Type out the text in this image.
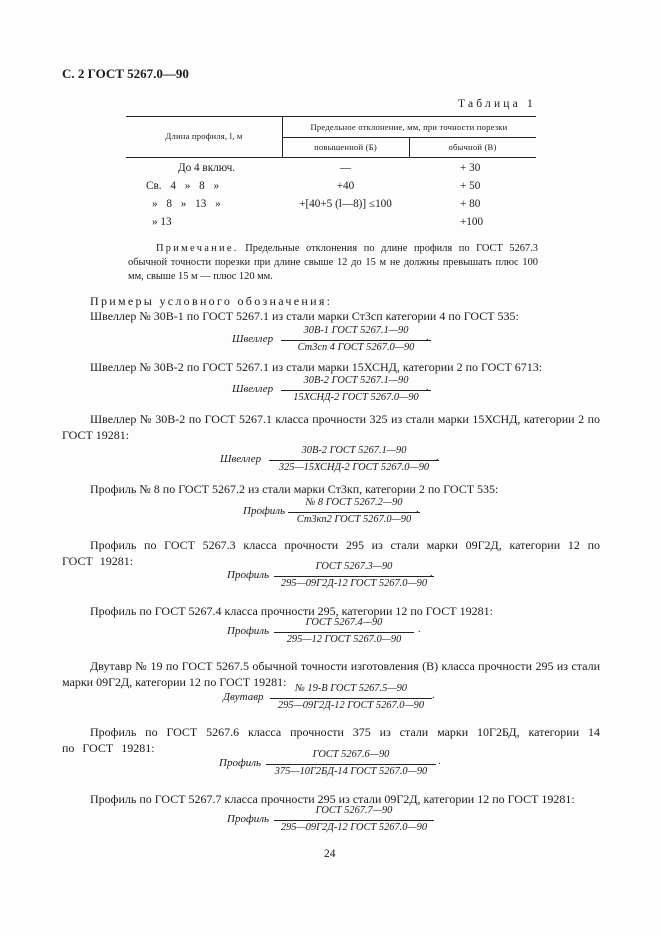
С. 2 ГОСТ 5267.0—90
Таблица 1
Длина профиля, l, м
Предельное отклонение, мм, при точности порезки
повышенной (Б)	обычной (В)
До 4 включ.	—	+ 30
Св. 4 » 8 »	+40	+ 50
» 8 » 13 »	+[40+5 (l—8)] ≤100	+ 80
» 13	+100
Примечание. Предельные отклонения по длине профиля по ГОСТ 5267.3 обычной точности порезки при длине свыше 12 до 15 м не должны превышать плюс 100 мм, свыше 15 м — плюс 120 мм.
Примеры условного обозначения:
Швеллер № 30В-1 по ГОСТ 5267.1 из стали марки Ст3сп категории 4 по ГОСТ 535:
Швеллер
30В-1 ГОСТ 5267.1—90
Ст3сп 4 ГОСТ 5267.0—90
.
Швеллер № 30В-2 по ГОСТ 5267.1 из стали марки 15ХСНД, категории 2 по ГОСТ 6713:
Швеллер
30В-2 ГОСТ 5267.1—90
15ХСНД-2 ГОСТ 5267.0—90
.
Швеллер № 30В-2 по ГОСТ 5267.1 класса прочности 325 из стали марки 15ХСНД, категории 2 по ГОСТ 19281:
Швеллер
30В-2 ГОСТ 5267.1—90
325—15ХСНД-2 ГОСТ 5267.0—90
.
Профиль № 8 по ГОСТ 5267.2 из стали марки Ст3кп, категории 2 по ГОСТ 535:
Профиль
№ 8 ГОСТ 5267.2—90
Ст3кп2 ГОСТ 5267.0—90
.
Профиль по ГОСТ 5267.3 класса прочности 295 из стали марки 09Г2Д, категории 12 по ГОСТ 19281:
Профиль
ГОСТ 5267.3—90
295—09Г2Д-12 ГОСТ 5267.0—90
.
Профиль по ГОСТ 5267.4 класса прочности 295, категории 12 по ГОСТ 19281:
Профиль
ГОСТ 5267.4—90
295—12 ГОСТ 5267.0—90
.
Двутавр № 19 по ГОСТ 5267.5 обычной точности изготовления (В) класса прочности 295 из стали марки 09Г2Д, категории 12 по ГОСТ 19281:
Двутавр
№ 19-В ГОСТ 5267.5—90
295—09Г2Д-12 ГОСТ 5267.0—90
.
Профиль по ГОСТ 5267.6 класса прочности 375 из стали марки 10Г2БД, категории 14 по ГОСТ 19281:
Профиль
ГОСТ 5267.6—90
375—10Г2БД-14 ГОСТ 5267.0—90
.
Профиль по ГОСТ 5267.7 класса прочности 295 из стали 09Г2Д, категории 12 по ГОСТ 19281:
Профиль
ГОСТ 5267.7—90
295—09Г2Д-12 ГОСТ 5267.0—90
24
